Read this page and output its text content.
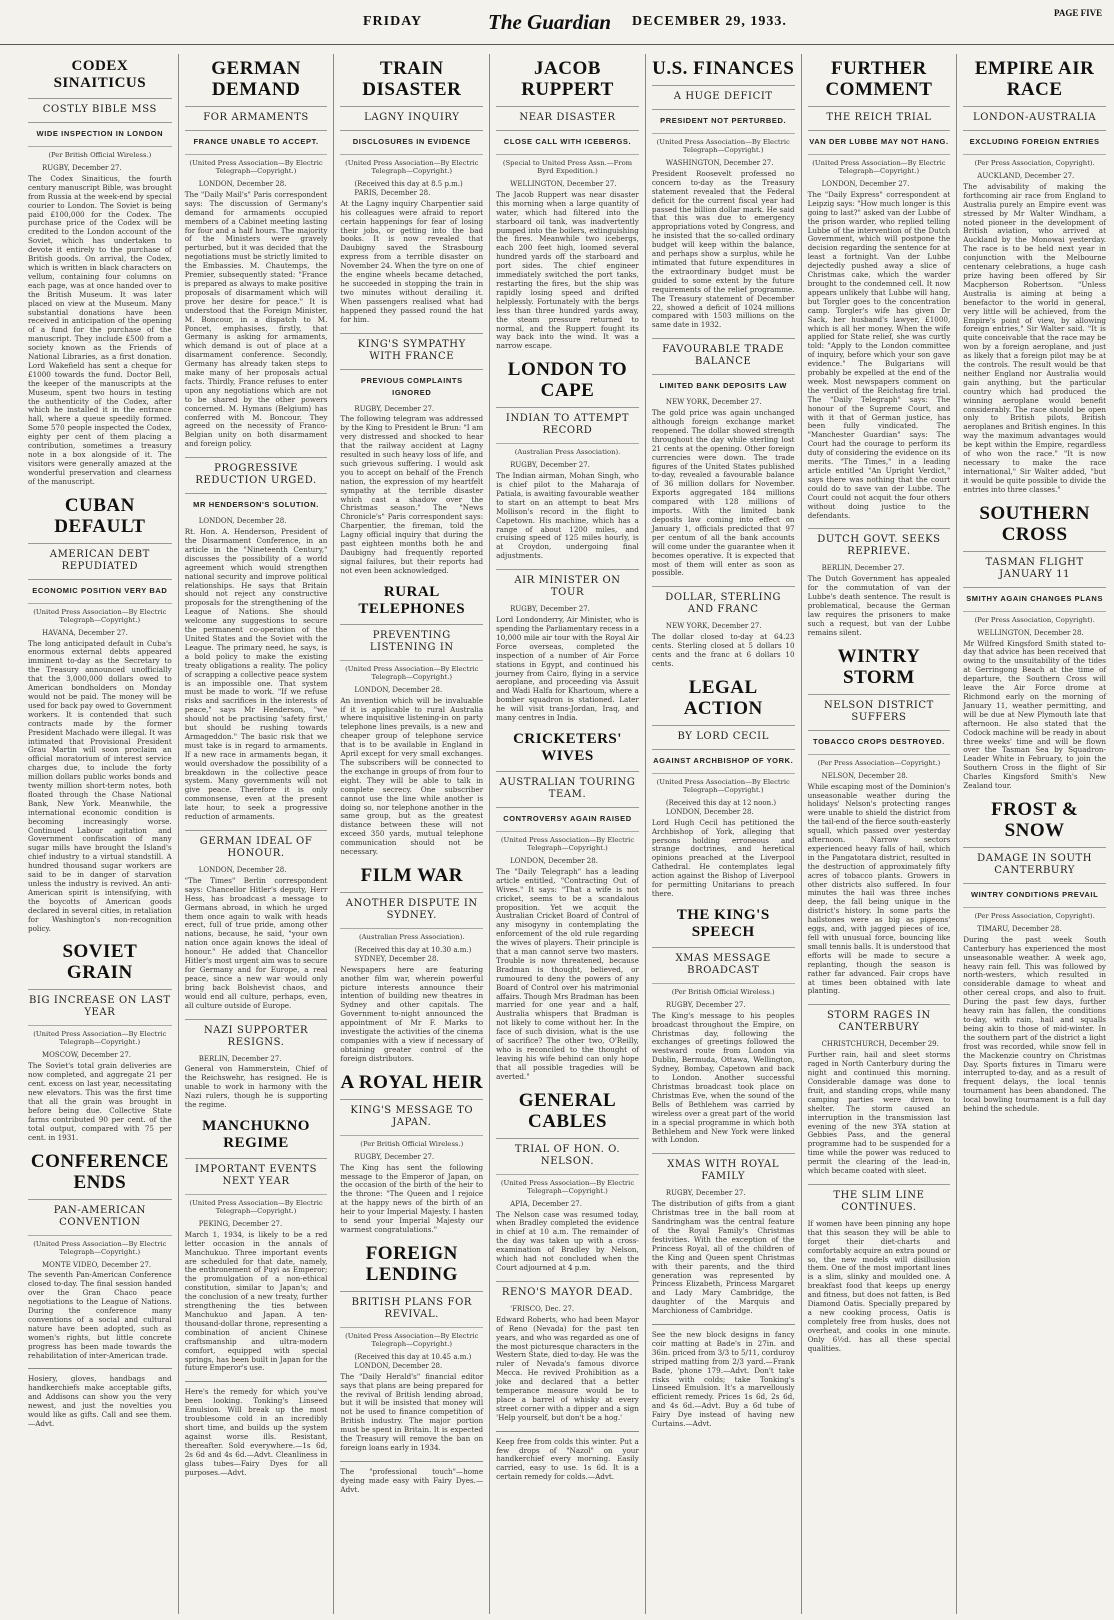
FRIDAY	The Guardian DECEMBER 29, 1933.
PAGE FIVE
CODEX SINAITICUS
COSTLY BIBLE MSS
WIDE INSPECTION IN LONDON
(Per British Official Wireless.)
RUGBY, December 27.
The Codex Sinaiticus, the fourth century manuscript Bible, was brought from Russia at the week-end by special courier to London. The Soviet is being paid £100,000 for the Codex. The purchase price of the Codex will be credited to the London account of the Soviet, which has undertaken to devote it entirely to the purchase of British goods. On arrival, the Codex, which is written in black characters on vellum, containing four columns on each page, was at once handed over to the British Museum. It was later placed on view at the Museum. Many substantial donations have been received in anticipation of the opening of a fund for the purchase of the manuscript. They include £500 from a society known as the Friends of National Libraries, as a first donation. Lord Wakefield has sent a cheque for £1000 towards the fund. Doctor Bell, the keeper of the manuscripts at the Museum, spent two hours in testing the authenticity of the Codex, after which he installed it in the entrance hall, where a queue speedily formed. Some 570 people inspected the Codex, eighty per cent of them placing a contribution, sometimes a treasury note in a box alongside of it. The visitors were generally amazed at the wonderful preservation and clearness of the manuscript.
CUBAN DEFAULT
AMERICAN DEBT REPUDIATED
ECONOMIC POSITION VERY BAD
(United Press Association—By Electric Telegraph—Copyright.)
HAVANA, December 27.
The long anticipated default in Cuba's enormous external debts appeared imminent to-day as the Secretary to the Treasury announced unofficially that the 3,000,000 dollars owed to American bondholders on Monday would not be paid. The money will be used for back pay owed to Government workers. It is contended that such contracts made by the former President Machado were illegal. It was intimated that Provisional President Grau Martin will soon proclaim an official moratorium of interest service charges due, to include the forty million dollars public works bonds and twenty million short-term notes, both floated through the Chase National Bank, New York. Meanwhile, the international economic condition is becoming increasingly worse. Continued Labour agitation and Government confiscation of many sugar mills have brought the Island's chief industry to a virtual standstill. A hundred thousand sugar workers are said to be in danger of starvation unless the industry is revived. An anti-American spirit is intensifying, with the boycotts of American goods declared in several cities, in retaliation for Washington's non-recognition policy.
SOVIET GRAIN
BIG INCREASE ON LAST YEAR
(United Press Association—By Electric Telegraph—Copyright.)
MOSCOW, December 27.
The Soviet's total grain deliveries are now completed, and aggregate 21 per cent. excess on last year, necessitating new elevators. This was the first time that all the grain was brought in before being due. Collective State farms contributed 90 per cent. of the total output, compared with 75 per cent. in 1931.
CONFERENCE ENDS
PAN-AMERICAN CONVENTION
(United Press Association—By Electric Telegraph—Copyright.)
MONTE VIDEO, December 27.
The seventh Pan-American Conference closed to-day. The final session handed over the Gran Chaco peace negotiations to the League of Nations. During the conference many conventions of a social and cultural nature have been adopted, such as women's rights, but little concrete progress has been made towards the rehabilitation of inter-American trade.
Hosiery, gloves, handbags and handkerchiefs make acceptable gifts, and Addisons can show you the very newest, and just the novelties you would like as gifts. Call and see them.—Advt.
GERMAN DEMAND
FOR ARMAMENTS
FRANCE UNABLE TO ACCEPT.
(United Press Association—By Electric Telegraph—Copyright.)
LONDON, December 28.
The "Daily Mail's" Paris correspondent says: The discussion of Germany's demand for armaments occupied members of a Cabinet meeting lasting for four and a half hours. The majority of the Ministers were gravely perturbed, but it was decided that the negotiations must be strictly limited to the Embassies. M. Chautemps, the Premier, subsequently stated: "France is prepared as always to make positive proposals of disarmament which will prove her desire for peace." It is understood that the Foreign Minister, M. Boncour, in a dispatch to M. Poncet, emphasises, firstly, that Germany is asking for armaments, which demand is out of place at a disarmament conference. Secondly, Germany has already taken steps to make many of her proposals actual facts. Thirdly, France refuses to enter upon any negotiations which are not to be shared by the other powers concerned. M. Hymans (Belgium) has conferred with M. Boncour. They agreed on the necessity of Franco-Belgian unity on both disarmament and foreign policy.
PROGRESSIVE REDUCTION URGED.
MR HENDERSON'S SOLUTION.
LONDON, December 28.
Rt. Hon. A. Henderson, President of the Disarmament Conference, in an article in the "Nineteenth Century," discusses the possibility of a world agreement which would strengthen national security and improve political relationships. He says that Britain should not reject any constructive proposals for the strengthening of the League of Nations. She should welcome any suggestions to secure the permanent co-operation of the United States and the Soviet with the League. The primary need, he says, is a bold policy to make the existing treaty obligations a reality. The policy of scrapping a collective peace system is an impossible one. That system must be made to work. "If we refuse risks and sacrifices in the interests of peace," says Mr Henderson, "we should not be practising 'safety first,' but should be rushing towards Armageddon." The basic risk that we must take is in regard to armaments. If a new race in armaments began, it would overshadow the possibility of a breakdown in the collective peace system. Many governments will not give peace. Therefore it is only commonsense, even at the present late hour, to seek a progressive reduction of armaments.
GERMAN IDEAL OF HONOUR.
LONDON, December 28.
"The Times" Berlin correspondent says: Chancellor Hitler's deputy, Herr Hess, has broadcast a message to Germans abroad, in which he urged them once again to walk with heads erect, full of true pride, among other nations, because, he said, "your own nation once again knows the ideal of honour." He added that Chancellor Hitler's most urgent aim was to secure for Germany and for Europe, a real peace, since a new war would only bring back Bolshevist chaos, and would end all culture, perhaps, even, all culture outside of Europe.
NAZI SUPPORTER RESIGNS.
BERLIN, December 27.
General von Hammerstein, Chief of the Reichswehr, has resigned. He is unable to work in harmony with the Nazi rulers, though he is supporting the regime.
MANCHUKNO REGIME
IMPORTANT EVENTS NEXT YEAR
(United Press Association—By Electric Telegraph—Copyright.)
PEKING, December 27.
March 1, 1934, is likely to be a red letter occasion in the annals of Manchukuo. Three important events are scheduled for that date, namely, the enthronement of Puyi as Emperor; the promulgation of a non-ethical constitution, similar to Japan's; and the conclusion of a new treaty, further strengthening the ties between Manchukuo and Japan. A ten-thousand-dollar throne, representing a combination of ancient Chinese craftsmanship and ultra-modern comfort, equipped with special springs, has been built in Japan for the future Emperor's use.
Here's the remedy for which you've been looking. Tonking's Linseed Emulsion. Will break up the most troublesome cold in an incredibly short time, and builds up the system against worse ills. Resistant, thereafter. Sold everywhere.—1s 6d, 2s 6d and 4s 6d.—Advt. Cleanliness in glass tubes—Fairy Dyes for all purposes.—Advt.
TRAIN DISASTER
LAGNY INQUIRY
DISCLOSURES IN EVIDENCE
(United Press Association—By Electric Telegraph—Copyright.)
(Received this day at 8.5 p.m.) PARIS, December 28.
At the Lagny inquiry Charpentier said his colleagues were afraid to report certain happenings for fear of losing their jobs, or getting into the bad books. It is now revealed that Daubigny saved the Strasbourg express from a terrible disaster on November 24. When the tyre on one of the engine wheels became detached, he succeeded in stopping the train in two minutes without derailing it. When passengers realised what had happened they passed round the hat for him.
KING'S SYMPATHY WITH FRANCE
PREVIOUS COMPLAINTS IGNORED
RUGBY, December 27.
The following telegram was addressed by the King to President le Brun: "I am very distressed and shocked to hear that the railway accident at Lagny resulted in such heavy loss of life, and such grievous suffering. I would ask you to accept on behalf of the French nation, the expression of my heartfelt sympathy at the terrible disaster which cast a shadow over the Christmas season." The "News Chronicle's" Paris correspondent says: Charpentier, the fireman, told the Lagny official inquiry that during the past eighteen months both he and Daubigny had frequently reported signal failures, but their reports had not even been acknowledged.
RURAL TELEPHONES
PREVENTING LISTENING IN
(United Press Association—By Electric Telegraph—Copyright.)
LONDON, December 28.
An invention which will be invaluable if it is applicable to rural Australia where inquisitive listening-in on party telephone lines prevails, is a new and cheaper group of telephone service that is to be available in England in April except for very small exchanges. The subscribers will be connected to the exchange in groups of from four to eight. They will be able to talk in complete secrecy. One subscriber cannot use the line while another is doing so, nor telephone another in the same group, but as the greatest distance between these will not exceed 350 yards, mutual telephone communication should not be necessary.
FILM WAR
ANOTHER DISPUTE IN SYDNEY.
(Australian Press Association).
(Received this day at 10.30 a.m.) SYDNEY, December 28.
Newspapers here are featuring another film war, wherein powerful picture interests announce their intention of building new theatres in Sydney and other capitals. The Government to-night announced the appointment of Mr F. Marks to investigate the activities of the cinema companies with a view if necessary of obtaining greater control of the foreign distributors.
A ROYAL HEIR
KING'S MESSAGE TO JAPAN.
(Per British Official Wireless.)
RUGBY, December 27.
The King has sent the following message to the Emperor of Japan, on the occasion of the birth of the heir to the throne: "The Queen and I rejoice at the happy news of the birth of an heir to your Imperial Majesty. I hasten to send your Imperial Majesty our warmest congratulations."
FOREIGN LENDING
BRITISH PLANS FOR REVIVAL.
(United Press Association—By Electric Telegraph—Copyright.)
(Received this day at 10.45 a.m.) LONDON, December 28.
The "Daily Herald's" financial editor says that plans are being prepared for the revival of British lending abroad, but it will be insisted that money will not be used to finance competition of British industry. The major portion must be spent in Britain. It is expected the Treasury will remove the ban on foreign loans early in 1934.
The "professional touch"—home dyeing made easy with Fairy Dyes.—Advt.
JACOB RUPPERT
NEAR DISASTER
CLOSE CALL WITH ICEBERGS.
(Special to United Press Assn.—From Byrd Expedition.)
WELLINGTON, December 27.
The Jacob Ruppert was near disaster this morning when a large quantity of water, which had filtered into the starboard oil tank, was inadvertently pumped into the boilers, extinguishing the fires. Meanwhile two icebergs, each 200 feet high, loomed several hundred yards off the starboard and port sides. The chief engineer immediately switched the port tanks, restarting the fires, but the ship was rapidly losing speed and drifted helplessly. Fortunately with the bergs less than three hundred yards away, the steam pressure returned to normal, and the Ruppert fought its way back into the wind. It was a narrow escape.
LONDON TO CAPE
INDIAN TO ATTEMPT RECORD
(Australian Press Association).
RUGBY, December 27.
The Indian airman, Mohan Singh, who is chief pilot to the Maharaja of Patiala, is awaiting favourable weather to start on an attempt to beat Mrs Mollison's record in the flight to Capetown. His machine, which has a range of about 1200 miles, and cruising speed of 125 miles hourly, is at Croydon, undergoing final adjustments.
AIR MINISTER ON TOUR
RUGBY, December 27.
Lord Londonderry, Air Minister, who is spending the Parliamentary recess in a 10,000 mile air tour with the Royal Air Force overseas, completed the inspection of a number of Air Force stations in Egypt, and continued his journey from Cairo, flying in a service aeroplane, and proceeding via Assuit and Wadi Halfa for Khartoum, where a bomber squadron is stationed. Later he will visit trans-Jordan, Iraq, and many centres in India.
CRICKETERS' WIVES
AUSTRALIAN TOURING TEAM.
CONTROVERSY AGAIN RAISED
(United Press Association—By Electric Telegraph—Copyright.)
LONDON, December 28.
The "Daily Telegraph" has a leading article entitled, "Contracting Out of Wives." It says: "That a wife is not cricket, seems to be a scandalous proposition. Yet we acquit the Australian Cricket Board of Control of any misogyny in contemplating the enforcement of the old rule regarding the wives of players. Their principle is that a man cannot serve two masters. Trouble is now threatened, because Bradman is thought, believed, or rumoured to deny the powers of any Board of Control over his matrimonial affairs. Though Mrs Bradman has been married for one year and a half, Australia whispers that Bradman is not likely to come without her. In the face of such division, what is the use of sacrifice? The other two, O'Reilly, who is reconciled to the thought of leaving his wife behind can only hope that all possible tragedies will be averted."
GENERAL CABLES
TRIAL OF HON. O. NELSON.
(United Press Association—By Electric Telegraph—Copyright.)
APIA, December 27.
The Nelson case was resumed today, when Bradley completed the evidence in chief at 10 a.m. The remainder of the day was taken up with a cross-examination of Bradley by Nelson, which had not concluded when the Court adjourned at 4 p.m.
RENO'S MAYOR DEAD.
'FRISCO, Dec. 27.
Edward Roberts, who had been Mayor of Reno (Nevada) for the past ten years, and who was regarded as one of the most picturesque characters in the Western State, died to-day. He was the ruler of Nevada's famous divorce Mecca. He revived Prohibition as a joke and declared that a better temperance measure would be to place a barrel of whisky at every street corner with a dipper and a sign 'Help yourself, but don't be a hog.'
Keep free from colds this winter. Put a few drops of "Nazol" on your handkerchief every morning. Easily carried, easy to use. 1s 6d. It is a certain remedy for colds.—Advt.
U.S. FINANCES
A HUGE DEFICIT
PRESIDENT NOT PERTURBED.
(United Press Association—By Electric Telegraph—Copyright.)
WASHINGTON, December 27.
President Roosevelt professed no concern to-day as the Treasury statement revealed that the Federal deficit for the current fiscal year had passed the billion dollar mark. He said that this was due to emergency appropriations voted by Congress, and he insisted that the so-called ordinary budget will keep within the balance, and perhaps show a surplus, while he intimated that future expenditures in the extraordinary budget must be guided to some extent by the future requirements of the relief programme. The Treasury statement of December 22, showed a deficit of 1024 millions compared with 1503 millions on the same date in 1932.
FAVOURABLE TRADE BALANCE
LIMITED BANK DEPOSITS LAW
NEW YORK, December 27.
The gold price was again unchanged although foreign exchange market reopened. The dollar showed strength throughout the day while sterling lost 21 cents at the opening. Other foreign currencies were down. The trade figures of the United States published to-day, revealed a favourable balance of 36 million dollars for November. Exports aggregated 184 millions compared with 128 millions of imports. With the limited bank deposits law coming into effect on January 1, officials predicted that 97 per centum of all the bank accounts will come under the guarantee when it becomes operative. It is expected that most of them will enter as soon as possible.
DOLLAR, STERLING AND FRANC
NEW YORK, December 27.
The dollar closed to-day at 64.23 cents. Sterling closed at 5 dollars 10 cents and the franc at 6 dollars 10 cents.
LEGAL ACTION
BY LORD CECIL
AGAINST ARCHBISHOP OF YORK.
(United Press Association—By Electric Telegraph—Copyright.)
(Received this day at 12 noon.) LONDON, December 28.
Lord Hugh Cecil has petitioned the Archbishop of York, alleging that persons holding erroneous and strange doctrines, and heretical opinions preached at the Liverpool Cathedral. He contemplates legal action against the Bishop of Liverpool for permitting Unitarians to preach there.
THE KING'S SPEECH
XMAS MESSAGE BROADCAST
(Per British Official Wireless.)
RUGBY, December 27.
The King's message to his peoples broadcast throughout the Empire, on Christmas day, following the exchanges of greetings followed the westward route from London via Dublin, Bermuda, Ottawa, Wellington, Sydney, Bombay, Capetown and back to London. Another successful Christmas broadcast took place on Christmas Eve, when the sound of the Bells of Bethlehem was carried by wireless over a great part of the world in a special programme in which both Bethlehem and New York were linked with London.
XMAS WITH ROYAL FAMILY
RUGBY, December 27.
The distribution of gifts from a giant Christmas tree in the ball room at Sandringham was the central feature of the Royal Family's Christmas festivities. With the exception of the Princess Royal, all of the children of the King and Queen spent Christmas with their parents, and the third generation was represented by Princess Elizabeth, Princess Margaret and Lady Mary Cambridge, the daughter of the Marquis and Marchioness of Cambridge.
See the new block designs in fancy coir matting at Bade's in 27in. and 36in. priced from 3/3 to 5/11, corduroy striped matting from 2/3 yard.—Frank Bade, 'phone 179.—Advt. Don't take risks with colds; take Tonking's Linseed Emulsion. It's a marvellously efficient remedy. Prices 1s 6d, 2s 6d, and 4s 6d.—Advt. Buy a 6d tube of Fairy Dye instead of having new Curtains.—Advt.
FURTHER COMMENT
THE REICH TRIAL
VAN DER LUBBE MAY NOT HANG.
(United Press Association—By Electric Telegraph—Copyright.)
LONDON, December 27.
The "Daily Express" correspondent at Leipzig says: "How much longer is this going to last?" asked van der Lubbe of the prison warder, who replied telling Lubbe of the intervention of the Dutch Government, which will postpone the decision regarding the sentence for at least a fortnight. Van der Lubbe dejectedly pushed away a slice of Christmas cake, which the warder brought to the condemned cell. It now appears unlikely that Lubbe will hang, but Torgler goes to the concentration camp. Torgler's wife has given Dr Sack, her husband's lawyer, £1000, which is all her money. When the wife applied for State relief, she was curtly told: "Apply to the London committee of inquiry, before which your son gave evidence." The Bulgarians will probably be expelled at the end of the week. Most newspapers comment on the verdict of the Reichstag fire trial. The "Daily Telegraph" says: The honour of the Supreme Court, and with it that of German justice, has been fully vindicated. The "Manchester Guardian" says: The Court had the courage to perform its duty of considering the evidence on its merits. "The Times," in a leading article entitled "An Upright Verdict," says there was nothing that the court could do to save van der Lubbe. The Court could not acquit the four others without doing justice to the defendants.
DUTCH GOVT. SEEKS REPRIEVE.
BERLIN, December 27.
The Dutch Government has appealed for the commutation of van der Lubbe's death sentence. The result is problematical, because the German law requires the prisoners to make such a request, but van der Lubbe remains silent.
WINTRY STORM
NELSON DISTRICT SUFFERS
TOBACCO CROPS DESTROYED.
(Per Press Association—Copyright.)
NELSON, December 28.
While escaping most of the Dominion's unseasonable weather during the holidays' Nelson's protecting ranges were unable to shield the district from the tail-end of the fierce south-easterly squall, which passed over yesterday afternoon. Narrow sectors experienced heavy falls of hail, which in the Pangatotara district, resulted in the destruction of approximately fifty acres of tobacco plants. Growers in other districts also suffered. In four minutes the hail was three inches deep, the fall being unique in the district's history. In some parts the hailstones were as big as pigeons' eggs, and, with jagged pieces of ice, fell with unusual force, bouncing like small tennis balls. It is understood that efforts will be made to secure a replanting, though the season is rather far advanced. Fair crops have at times been obtained with late planting.
STORM RAGES IN CANTERBURY
CHRISTCHURCH, December 29.
Further rain, hail and sleet storms raged in North Canterbury during the night and continued this morning. Considerable damage was done to fruit, and standing crops, while many camping parties were driven to shelter. The storm caused an interruption in the transmission last evening of the new 3YA station at Gebbies Pass, and the general programme had to be suspended for a time while the power was reduced to permit the clearing of the lead-in, which became coated with sleet.
THE SLIM LINE CONTINUES.
If women have been pinning any hope that this season they will be able to forget their diet-charts and comfortably acquire an extra pound or so, the new models will disillusion them. One of the most important lines is a slim, slinky and moulded one. A breakfast food that keeps up energy and fitness, but does not fatten, is Bed Diamond Oatis. Specially prepared by a new cooking process, Oatis is completely free from husks, does not overheat, and cooks in one minute. Only 6½d. has all these special qualities.
EMPIRE AIR RACE
LONDON-AUSTRALIA
EXCLUDING FOREIGN ENTRIES
(Per Press Association, Copyright).
AUCKLAND, December 27.
The advisability of making the forthcoming air race from England to Australia purely an Empire event was stressed by Mr Walter Windham, a noted pioneer in the development of British aviation, who arrived at Auckland by the Monowai yesterday. The race is to be held next year in conjunction with the Melbourne centenary celebrations, a huge cash prize having been offered by Sir Macpherson Robertson. "Unless Australia is aiming at being a benefactor to the world in general, very little will be achieved, from the Empire's point of view, by allowing foreign entries," Sir Walter said. "It is quite conceivable that the race may be won by a foreign aeroplane, and just as likely that a foreign pilot may be at the controls. The result would be that neither England nor Australia would gain anything, but the particular country which had produced the winning aeroplane would benefit considerably. The race should be open only to British pilots, British aeroplanes and British engines. In this way the maximum advantages would be kept within the Empire, regardless of who won the race." "It is now necessary to make the race international," Sir Walter added, "but it would be quite possible to divide the entries into three classes."
SOUTHERN CROSS
TASMAN FLIGHT JANUARY 11
SMITHY AGAIN CHANGES PLANS
(Per Press Association, Copyright).
WELLINGTON, December 28.
Mr Wilfred Kingsford Smith stated to-day that advice has been received that owing to the unsuitability of the tides at Gerringong Beach at the time of departure, the Southern Cross will leave the Air Force drome at Richmond early on the morning of January 11, weather permitting, and will be due at New Plymouth late that afternoon. He also stated that the Codock machine will be ready in about three weeks' time and will be flown over the Tasman Sea by Squadron-Leader White in February, to join the Southern Cross in the flight of Sir Charles Kingsford Smith's New Zealand tour.
FROST & SNOW
DAMAGE IN SOUTH CANTERBURY
WINTRY CONDITIONS PREVAIL
(Per Press Association, Copyright).
TIMARU, December 28.
During the past week South Canterbury has experienced the most unseasonable weather. A week ago, heavy rain fell. This was followed by north-westers, which resulted in considerable damage to wheat and other cereal crops, and also to fruit. During the past few days, further heavy rain has fallen, the conditions to-day, with rain, hail and squalls being akin to those of mid-winter. In the southern part of the district a light frost was recorded, while snow fell in the Mackenzie country on Christmas Day. Sports fixtures in Timaru were interrupted to-day, and as a result of frequent delays, the local tennis tournament has been abandoned. The local bowling tournament is a full day behind the schedule.
